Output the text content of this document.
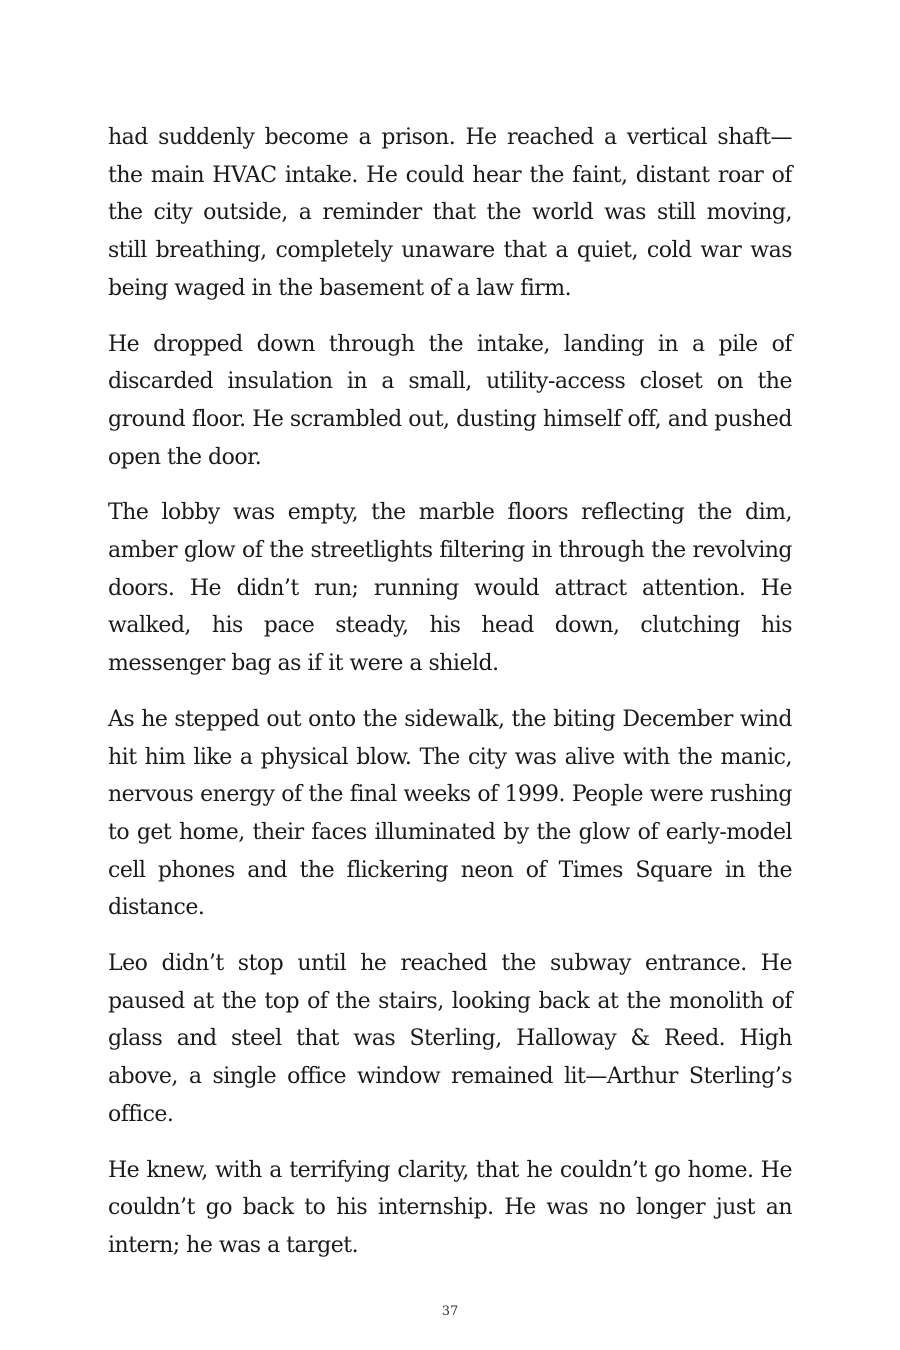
had suddenly become a prison. He reached a vertical shaft—the main HVAC intake. He could hear the faint, distant roar of the city outside, a reminder that the world was still moving, still breathing, completely unaware that a quiet, cold war was being waged in the basement of a law firm.

He dropped down through the intake, landing in a pile of discarded insulation in a small, utility-access closet on the ground floor. He scrambled out, dusting himself off, and pushed open the door.

The lobby was empty, the marble floors reflecting the dim, amber glow of the streetlights filtering in through the revolving doors. He didn’t run; running would attract attention. He walked, his pace steady, his head down, clutching his messenger bag as if it were a shield.

As he stepped out onto the sidewalk, the biting December wind hit him like a physical blow. The city was alive with the manic, nervous energy of the final weeks of 1999. People were rushing to get home, their faces illuminated by the glow of early-model cell phones and the flickering neon of Times Square in the distance.

Leo didn’t stop until he reached the subway entrance. He paused at the top of the stairs, looking back at the monolith of glass and steel that was Sterling, Halloway & Reed. High above, a single office window remained lit—Arthur Sterling’s office.

He knew, with a terrifying clarity, that he couldn’t go home. He couldn’t go back to his internship. He was no longer just an intern; he was a target.

37
